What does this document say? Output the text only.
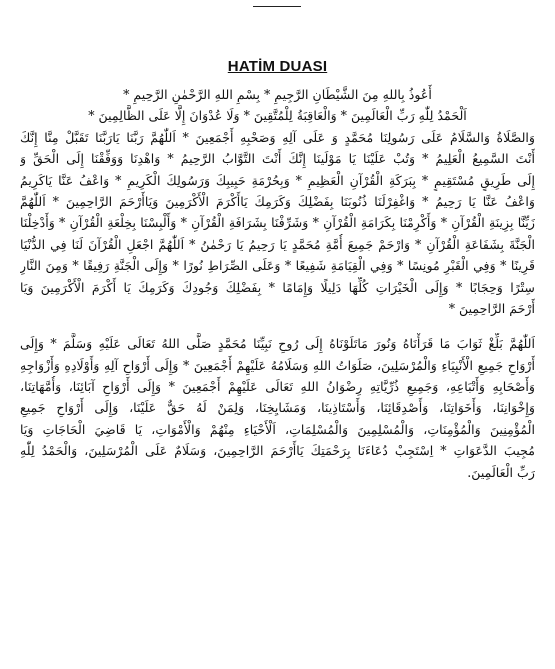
HATİM DUASI
أَعُوذُ بِاللهِ مِنَ الشَّيْطَانِ الرَّجِيمِ * بِسْمِ اللهِ الرَّحْمٰنِ الرَّحِيمِ *
اَلْحَمْدُ لِلّٰهِ رَبِّ الْعَالَمِينَ * وَالْعَاقِبَةُ لِلْمُتَّقِينَ * وَلَا عُدْوَانَ إِلَّا عَلَى الظَّالِمِينَ *
وَالصَّلَاةُ وَالسَّلَامُ عَلَى رَسُولِنَا مُحَمَّدٍ وَ عَلَى آلِهِ وَصَحْبِهِ أَجْمَعِينَ * اَللّٰهُمَّ رَبَّنَا يَارَبَّنَا تَقَبَّلْ مِنَّا إِنَّكَ
أَنْتَ السَّمِيعُ الْعَلِيمُ * وَتُبْ عَلَيْنَا يَا مَوْلَينَا إِنَّكَ أَنْتَ التَّوَّابُ الرَّحِيمُ * وَاهْدِنَا وَوَفِّقْنَا إِلَى الْحَقِّ وَ
إِلَى طَرِيقٍ مُسْتَقِيمٍ * بِبَرَكَةِ الْقُرْآنِ الْعَظِيمِ * وَبِحُرْمَةِ حَبِيبِكَ وَرَسُولِكَ الْكَرِيمِ * وَاعْفُ عَنَّا يَاكَرِيمُ
وَاعْفُ عَنَّا يَا رَحِيمُ * وَاغْفِرْلَنَا ذُنُوبَنَا بِفَضْلِكَ وَكَرَمِكَ يَاأَكْرَمَ الْأَكْرَمِينَ وَيَاأَرْحَمَ الرَّاحِمِينَ * اَللّٰهُمَّ
زَيِّنَّا بِزِينَةِ الْقُرْآنِ * وَأَكْرِمْنَا بِكَرَامَةِ الْقُرْآنِ * وَشَرِّفْنَا بِشَرَافَةِ الْقُرْآنِ * وَأَلْبِسْنَا بِخِلْعَةِ الْقُرْآنِ * وَأَدْخِلْنَا
الْجَنَّةَ بِشَفَاعَةِ الْقُرْآنِ * وَارْحَمْ جَمِيعَ أُمَّةِ مُحَمَّدٍ يَا رَحِيمُ يَا رَحْمٰنُ * اَللّٰهُمَّ اجْعَلِ الْقُرْآنَ لَنَا فِي الدُّنْيَا
قَرِينًا * وَفِي الْقَبْرِ مُونِسًا * وَفِي الْقِيَامَةِ شَفِيعًا * وَعَلَى الصِّرَاطِ نُورًا * وَإِلَى الْجَنَّةِ رَفِيقًا * وَمِنَ النَّارِ
سِتْرًا وَحِجَابًا * وَإِلَى الْخَيْرَاتِ كُلِّهَا دَلِيلًا وَإِمَامًا * بِفَضْلِكَ وَجُودِكَ وَكَرَمِكَ يَا أَكْرَمَ الْأَكْرَمِينَ وَيَا
أَرْحَمَ الرَّاحِمِينَ *
اَللّٰهُمَّ بَلِّغْ ثَوَابَ مَا قَرَأْنَاهُ وَنُورَ مَاتَلَوْنَاهُ إِلَى رُوحِ نَبِيِّنَا مُحَمَّدٍ صَلَّى اللهُ تَعَالَى عَلَيْهِ وَسَلَّمَ * وَإِلَى
أَرْوَاحِ جَمِيعِ الْأَنْبِيَاءِ وَالْمُرْسَلِينَ، صَلَوَاتُ اللهِ وَسَلَامُهُ عَلَيْهِمْ أَجْمَعِينَ * وَإِلَى أَرْوَاحِ آلِهِ وَأَوْلَادِهِ وَأَزْوَاجِهِ
وَأَصْحَابِهِ وَأَتْبَاعِهِ، وَجَمِيعِ ذُرِّيَّاتِهِ رِضْوَانُ اللهِ تَعَالَى عَلَيْهِمْ أَجْمَعِينَ * وَإِلَى أَرْوَاحِ آبَائِنَا، وَأُمَّهَاتِنَا،
وَإِخْوَانِنَا، وَأَخَوَاتِنَا، وَأَصْدِقَائِنَا، وَأَسْتَاذِينَا، وَمَشَايِخِنَا، وَلِمَنْ لَهُ حَقٌّ عَلَيْنَا، وَإِلَى أَرْوَاحِ جَمِيعِ
الْمُؤْمِنِينَ وَالْمُؤْمِنَاتِ، وَالْمُسْلِمِينَ وَالْمُسْلِمَاتِ، اَلْأَحْيَاءِ مِنْهُمْ وَالْأَمْوَاتِ، يَا قَاضِيَ الْحَاجَاتِ وَيَا
مُجِيبَ الدَّعَوَاتِ * اِسْتَجِبْ دُعَاءَنَا بِرَحْمَتِكَ يَاأَرْحَمَ الرَّاحِمِينَ، وَسَلَامٌ عَلَى الْمُرْسَلِينَ، وَالْحَمْدُ لِلّٰهِ
رَبِّ الْعَالَمِينَ.
